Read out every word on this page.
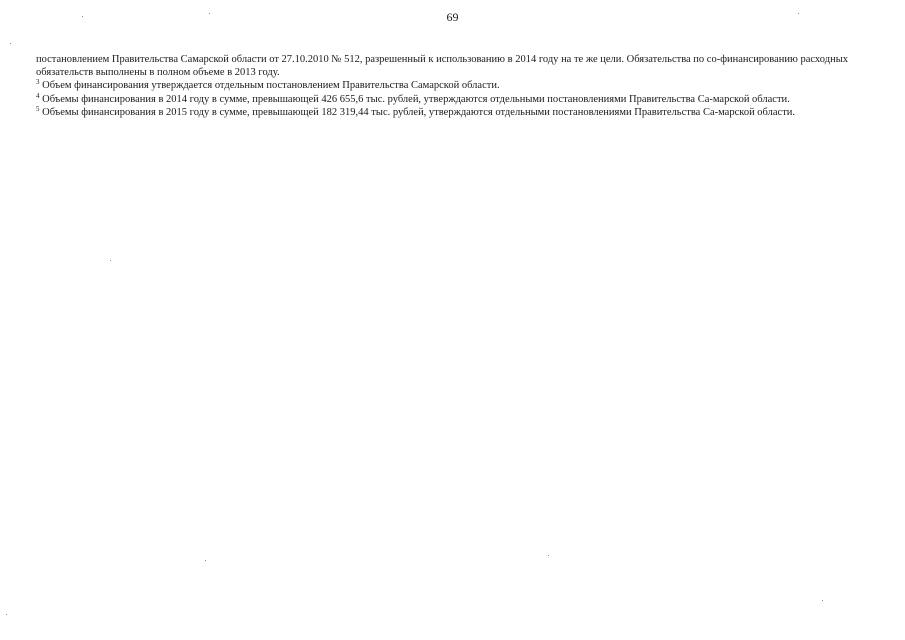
69

постановлением Правительства Самарской области от 27.10.2010 № 512, разрешенный к использованию в 2014 году на те же цели. Обязательства по со-финансированию расходных обязательств выполнены в полном объеме в 2013 году.

$^3$ Объем финансирования утверждается отдельным постановлением Правительства Самарской области.

$^4$ Объемы финансирования в 2014 году в сумме, превышающей 426 655,6 тыс. рублей, утверждаются отдельными постановлениями Правительства Са-марской области.

$^5$ Объемы финансирования в 2015 году в сумме, превышающей 182 319,44 тыс. рублей, утверждаются отдельными постановлениями Правительства Са-марской области.
